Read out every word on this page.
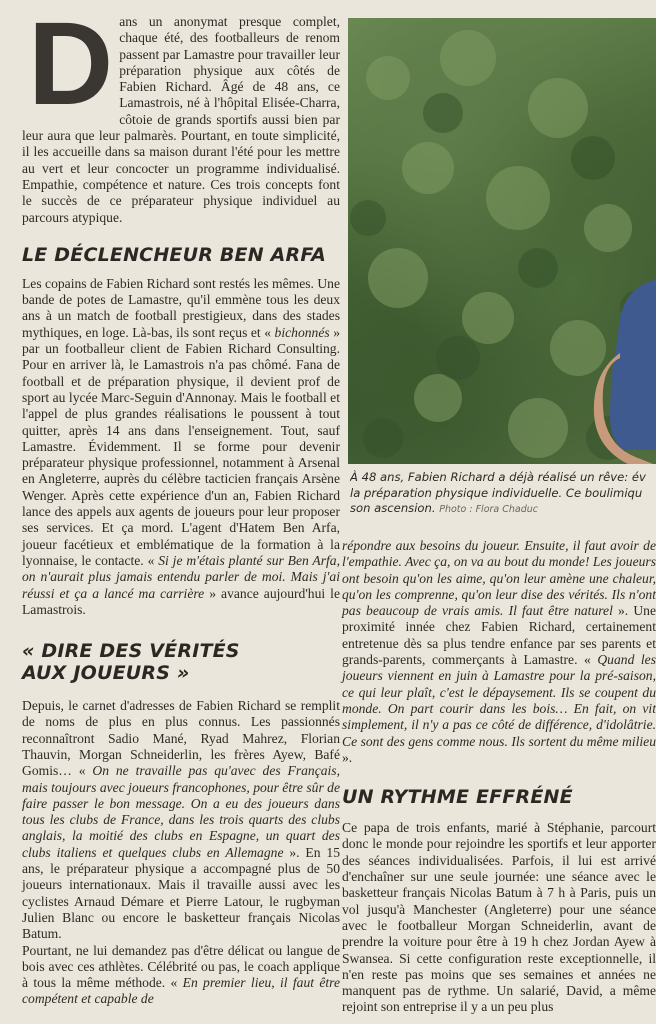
Dans un anonymat presque complet, chaque été, des footballeurs de renom passent par Lamastre pour travailler leur préparation physique aux côtés de Fabien Richard. Âgé de 48 ans, ce Lamastrois, né à l'hôpital Elisée-Charra, côtoie de grands sportifs aussi bien par leur aura que leur palmarès. Pourtant, en toute simplicité, il les accueille dans sa maison durant l'été pour les mettre au vert et leur concocter un programme individualisé. Empathie, compétence et nature. Ces trois concepts font le succès de ce préparateur physique individuel au parcours atypique.

LE DÉCLENCHEUR BEN ARFA

Les copains de Fabien Richard sont restés les mêmes. Une bande de potes de Lamastre, qu'il emmène tous les deux ans à un match de football prestigieux, dans des stades mythiques, en loge. Là-bas, ils sont reçus et « bichonnés » par un footballeur client de Fabien Richard Consulting. Pour en arriver là, le Lamastrois n'a pas chômé. Fana de football et de préparation physique, il devient prof de sport au lycée Marc-Seguin d'Annonay. Mais le football et l'appel de plus grandes réalisations le poussent à tout quitter, après 14 ans dans l'enseignement. Tout, sauf Lamastre. Évidemment. Il se forme pour devenir préparateur physique professionnel, notamment à Arsenal en Angleterre, auprès du célèbre tacticien français Arsène Wenger. Après cette expérience d'un an, Fabien Richard lance des appels aux agents de joueurs pour leur proposer ses services. Et ça mord. L'agent d'Hatem Ben Arfa, joueur facétieux et emblématique de la formation à la lyonnaise, le contacte. « Si je m'étais planté sur Ben Arfa, on n'aurait plus jamais entendu parler de moi. Mais j'ai réussi et ça a lancé ma carrière » avance aujourd'hui le Lamastrois.

« DIRE DES VÉRITÉS
AUX JOUEURS »

Depuis, le carnet d'adresses de Fabien Richard se remplit de noms de plus en plus connus. Les passionnés reconnaîtront Sadio Mané, Ryad Mahrez, Florian Thauvin, Morgan Schneiderlin, les frères Ayew, Bafé Gomis… « On ne travaille pas qu'avec des Français, mais toujours avec joueurs francophones, pour être sûr de faire passer le bon message. On a eu des joueurs dans tous les clubs de France, dans les trois quarts des clubs anglais, la moitié des clubs en Espagne, un quart des clubs italiens et quelques clubs en Allemagne ». En 15 ans, le préparateur physique a accompagné plus de 50 joueurs internationaux. Mais il travaille aussi avec les cyclistes Arnaud Démare et Pierre Latour, le rugbyman Julien Blanc ou encore le basketteur français Nicolas Batum.

Pourtant, ne lui demandez pas d'être délicat ou langue de bois avec ces athlètes. Célébrité ou pas, le coach applique à tous la même méthode. « En premier lieu, il faut être compétent et capable de

À 48 ans, Fabien Richard a déjà réalisé un rêve: év
la préparation physique individuelle. Ce boulimiqu
son ascension. Photo : Flora Chaduc

répondre aux besoins du joueur. Ensuite, il faut avoir de l'empathie. Avec ça, on va au bout du monde! Les joueurs ont besoin qu'on les aime, qu'on leur amène une chaleur, qu'on les comprenne, qu'on leur dise des vérités. Ils n'ont pas beaucoup de vrais amis. Il faut être naturel ». Une proximité innée chez Fabien Richard, certainement entretenue dès sa plus tendre enfance par ses parents et grands-parents, commerçants à Lamastre. « Quand les joueurs viennent en juin à Lamastre pour la pré-saison, ce qui leur plaît, c'est le dépaysement. Ils se coupent du monde. On part courir dans les bois… En fait, on vit simplement, il n'y a pas ce côté de différence, d'idolâtrie. Ce sont des gens comme nous. Ils sortent du même milieu ».

UN RYTHME EFFRÉNÉ

Ce papa de trois enfants, marié à Stéphanie, parcourt donc le monde pour rejoindre les sportifs et leur apporter des séances individualisées. Parfois, il lui est arrivé d'enchaîner sur une seule journée: une séance avec le basketteur français Nicolas Batum à 7 h à Paris, puis un vol jusqu'à Manchester (Angleterre) pour une séance avec le footballeur Morgan Schneiderlin, avant de prendre la voiture pour être à 19 h chez Jordan Ayew à Swansea. Si cette configuration reste exceptionnelle, il n'en reste pas moins que ses semaines et années ne manquent pas de rythme. Un salarié, David, a même rejoint son entreprise il y a un peu plus
